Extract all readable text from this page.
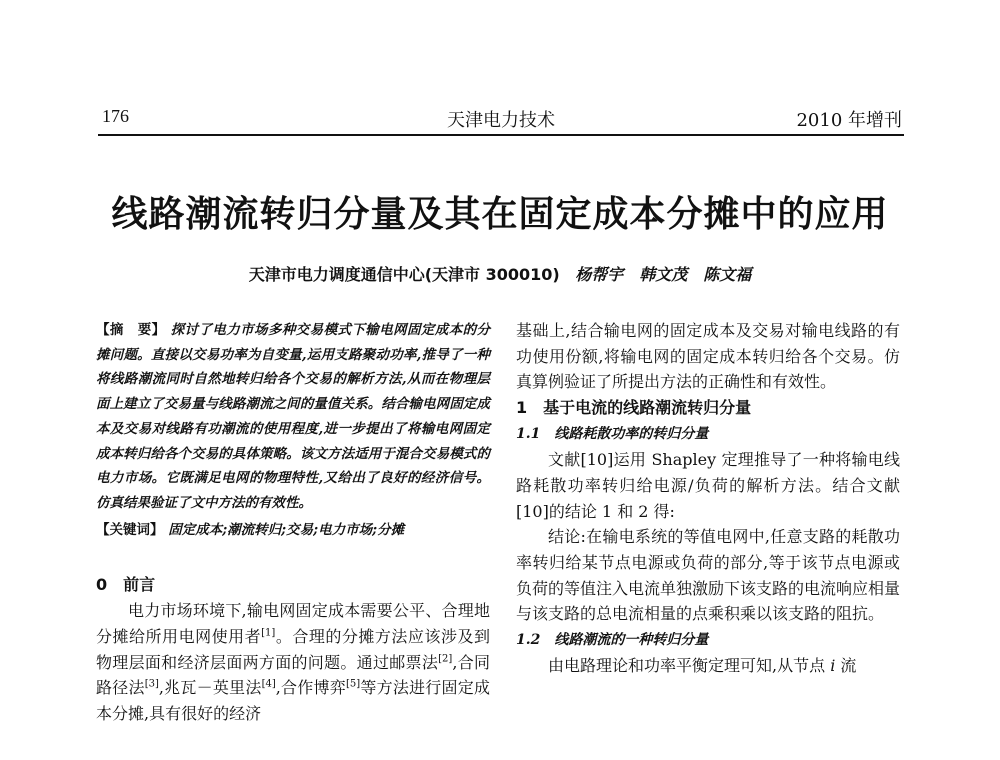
176	天津电力技术	2010 年增刊
线路潮流转归分量及其在固定成本分摊中的应用
天津市电力调度通信中心(天津市 300010) 杨帮宇　韩文茂　陈文福
【摘　要】 探讨了电力市场多种交易模式下输电网固定成本的分摊问题。直接以交易功率为自变量,运用支路聚动功率,推导了一种将线路潮流同时自然地转归给各个交易的解析方法,从而在物理层面上建立了交易量与线路潮流之间的量值关系。结合输电网固定成本及交易对线路有功潮流的使用程度,进一步提出了将输电网固定成本转归给各个交易的具体策略。该文方法适用于混合交易模式的电力市场。它既满足电网的物理特性,又给出了良好的经济信号。仿真结果验证了文中方法的有效性。
【关键词】 固定成本;潮流转归;交易;电力市场;分摊
0　前言

电力市场环境下,输电网固定成本需要公平、合理地分摊给所用电网使用者[1]。合理的分摊方法应该涉及到物理层面和经济层面两方面的问题。通过邮票法[2],合同路径法[3],兆瓦－英里法[4],合作博弈[5]等方法进行固定成本分摊,具有很好的经济

基础上,结合输电网的固定成本及交易对输电线路的有功使用份额,将输电网的固定成本转归给各个交易。仿真算例验证了所提出方法的正确性和有效性。

1　基于电流的线路潮流转归分量
1.1　线路耗散功率的转归分量

文献[10]运用 Shapley 定理推导了一种将输电线路耗散功率转归给电源/负荷的解析方法。结合文献[10]的结论 1 和 2 得:

结论:在输电系统的等值电网中,任意支路的耗散功率转归给某节点电源或负荷的部分,等于该节点电源或负荷的等值注入电流单独激励下该支路的电流响应相量与该支路的总电流相量的点乘积乘以该支路的阻抗。

1.2　线路潮流的一种转归分量

由电路理论和功率平衡定理可知,从节点 i 流
